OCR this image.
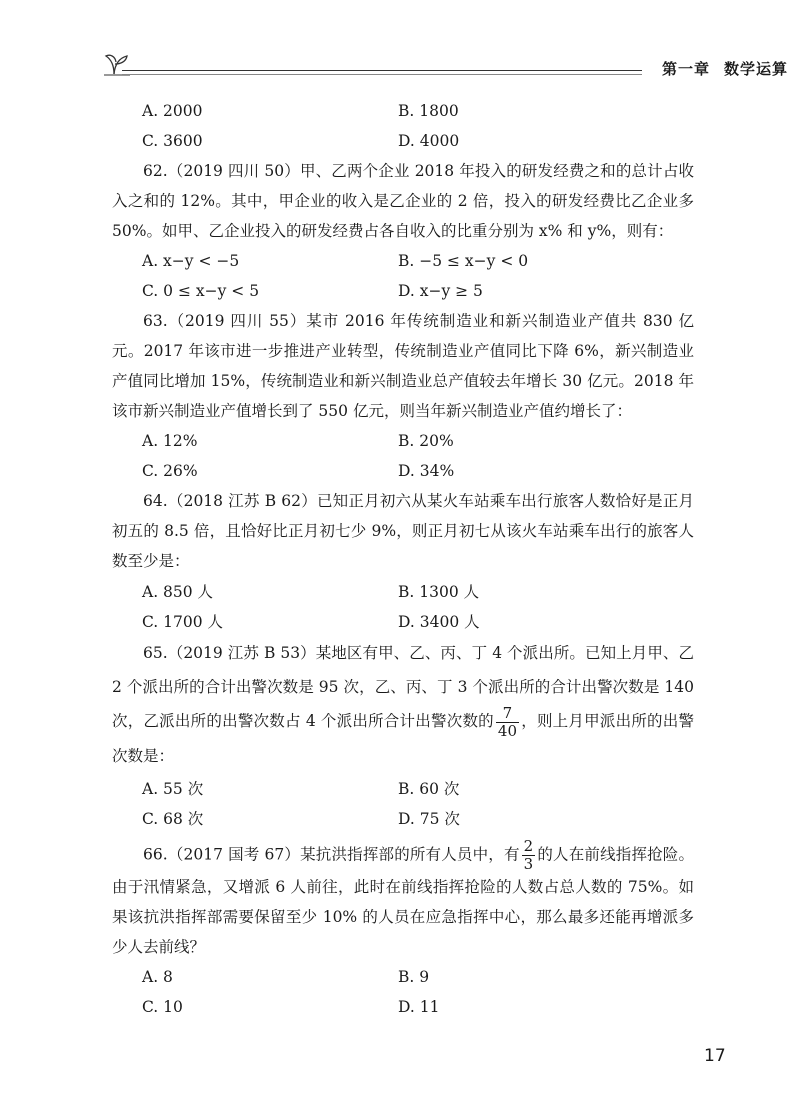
第一章 数学运算
A. 2000	B. 1800
C. 3600	D. 4000

62.（2019 四川 50）甲、乙两个企业 2018 年投入的研发经费之和的总计占收入之和的 12%。其中，甲企业的收入是乙企业的 2 倍，投入的研发经费比乙企业多 50%。如甲、乙企业投入的研发经费占各自收入的比重分别为 x% 和 y%，则有：

A. x−y < −5	B. −5 ≤ x−y < 0
C. 0 ≤ x−y < 5	D. x−y ≥ 5

63.（2019 四川 55）某市 2016 年传统制造业和新兴制造业产值共 830 亿元。2017 年该市进一步推进产业转型，传统制造业产值同比下降 6%，新兴制造业产值同比增加 15%，传统制造业和新兴制造业总产值较去年增长 30 亿元。2018 年该市新兴制造业产值增长到了 550 亿元，则当年新兴制造业产值约增长了：

A. 12%	B. 20%
C. 26%	D. 34%

64.（2018 江苏 B 62）已知正月初六从某火车站乘车出行旅客人数恰好是正月初五的 8.5 倍，且恰好比正月初七少 9%，则正月初七从该火车站乘车出行的旅客人数至少是：

A. 850 人	B. 1300 人
C. 1700 人	D. 3400 人

65.（2019 江苏 B 53）某地区有甲、乙、丙、丁 4 个派出所。已知上月甲、乙 2 个派出所的合计出警次数是 95 次，乙、丙、丁 3 个派出所的合计出警次数是 140 次，乙派出所的出警次数占 4 个派出所合计出警次数的 $\frac{7}{40}$ ，则上月甲派出所的出警次数是：

A. 55 次	B. 60 次
C. 68 次	D. 75 次

66.（2017 国考 67）某抗洪指挥部的所有人员中，有 $\frac{2}{3}$ 的人在前线指挥抢险。由于汛情紧急，又增派 6 人前往，此时在前线指挥抢险的人数占总人数的 75%。如果该抗洪指挥部需要保留至少 10% 的人员在应急指挥中心，那么最多还能再增派多少人去前线？

A. 8	B. 9
C. 10	D. 11
17
